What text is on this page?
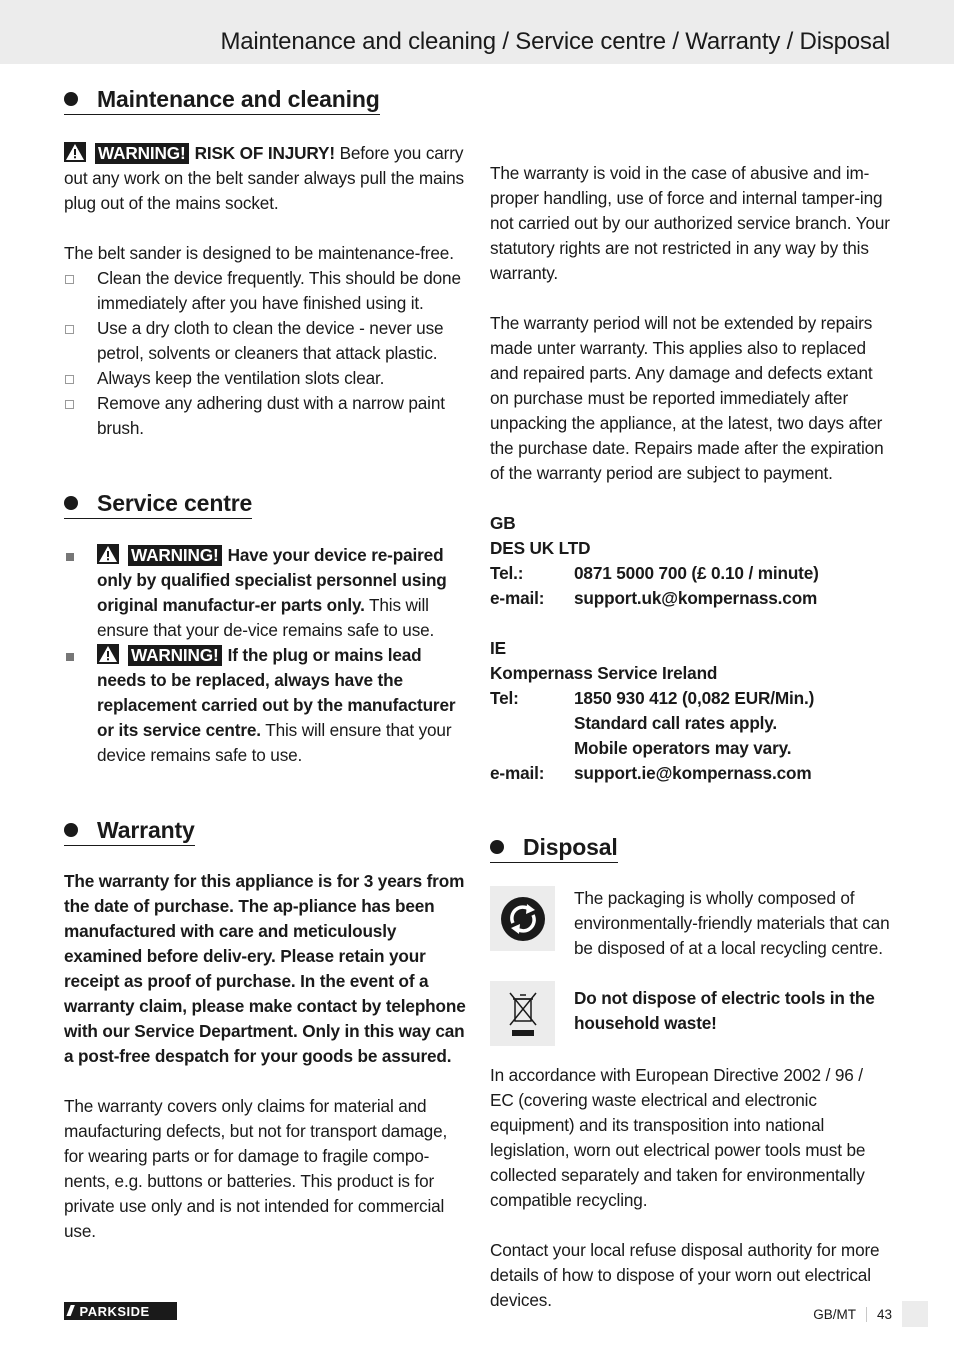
Maintenance and cleaning / Service centre / Warranty / Disposal
Maintenance and cleaning

WARNING! RISK OF INJURY! Before you carry out any work on the belt sander always pull the mains plug out of the mains socket.

The belt sander is designed to be maintenance-free.

Clean the device frequently. This should be done immediately after you have finished using it.
Use a dry cloth to clean the device - never use petrol, solvents or cleaners that attack plastic.
Always keep the ventilation slots clear.
Remove any adhering dust with a narrow paint brush.
Service centre
WARNING! Have your device re-paired only by qualified specialist personnel using original manufactur-er parts only. This will ensure that your de-vice remains safe to use.
WARNING! If the plug or mains lead needs to be replaced, always have the replacement carried out by the manufacturer or its service centre. This will ensure that your device remains safe to use.
Warranty

The warranty for this appliance is for 3 years from the date of purchase. The ap-pliance has been manufactured with care and meticulously examined before deliv-ery. Please retain your receipt as proof of purchase. In the event of a warranty claim, please make contact by telephone with our Service Department. Only in this way can a post-free despatch for your goods be assured.

The warranty covers only claims for material and maufacturing defects, but not for transport damage, for wearing parts or for damage to fragile compo-nents, e.g. buttons or batteries. This product is for private use only and is not intended for commercial use.

The warranty is void in the case of abusive and im-proper handling, use of force and internal tamper-ing not carried out by our authorized service branch. Your statutory rights are not restricted in any way by this warranty.

The warranty period will not be extended by repairs made unter warranty. This applies also to replaced and repaired parts. Any damage and defects extant on purchase must be reported immediately after unpacking the appliance, at the latest, two days after the purchase date. Repairs made after the expiration of the warranty period are subject to payment.

GB
DES UK LTD
Tel.:	0871 5000 700 (£ 0.10 / minute)
e-mail:	support.uk@kompernass.com
IE
Kompernass Service Ireland
Tel:	1850 930 412 (0,082 EUR/Min.)
Standard call rates apply.
Mobile operators may vary.
e-mail:	support.ie@kompernass.com
Disposal

The packaging is wholly composed of environmentally-friendly materials that can be disposed of at a local recycling centre.

Do not dispose of electric tools in the household waste!

In accordance with European Directive 2002 / 96 / EC (covering waste electrical and electronic equipment) and its transposition into national legislation, worn out electrical power tools must be collected separately and taken for environmentally compatible recycling.

Contact your local refuse disposal authority for more details of how to dispose of your worn out electrical devices.

/// PARKSIDE	GB/MT	43
